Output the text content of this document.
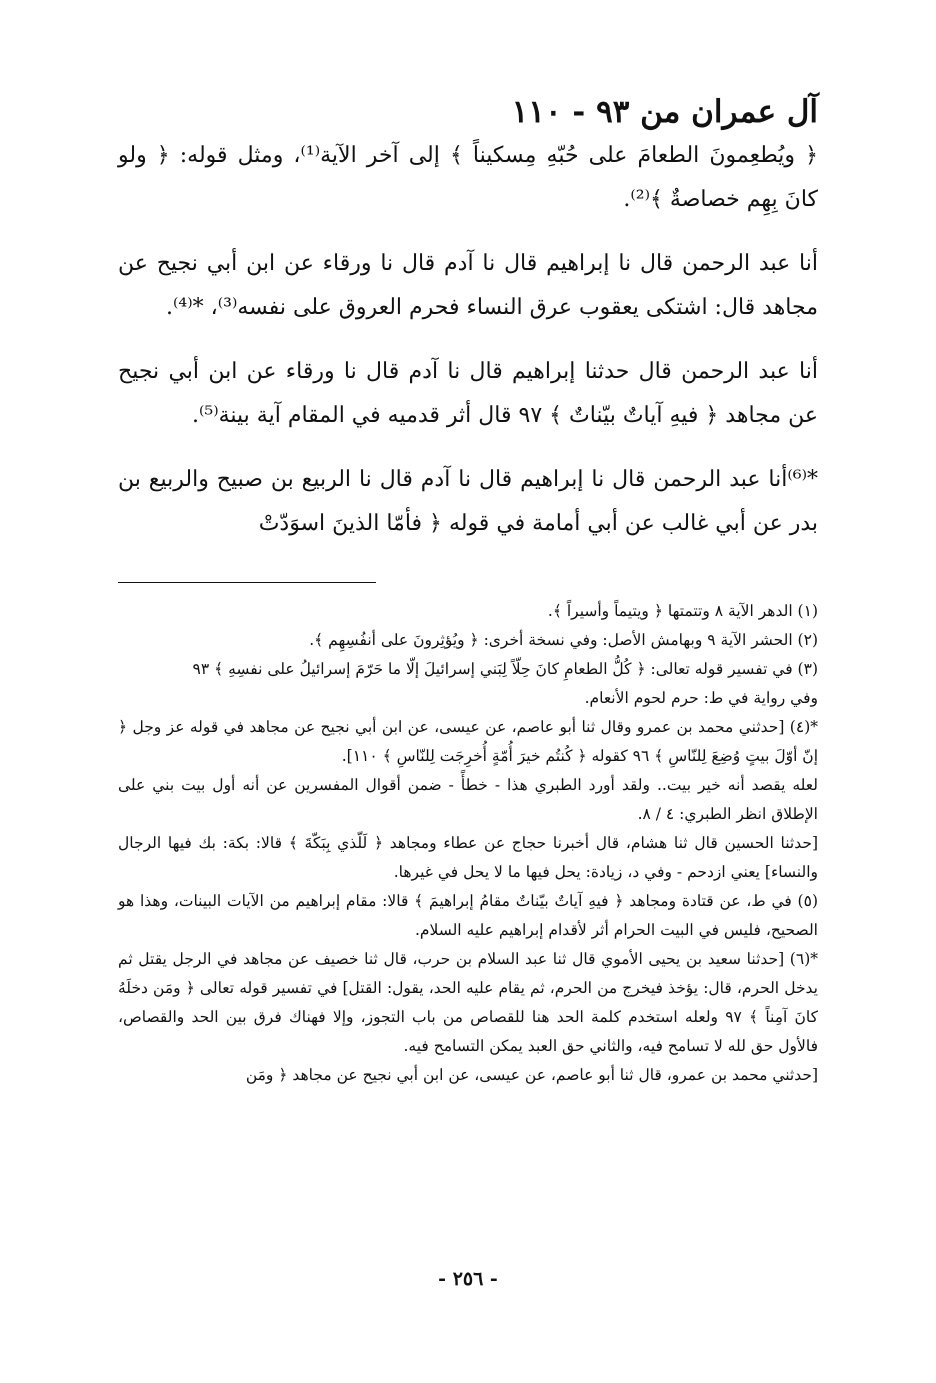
آل عمران من ٩٣ - ١١٠

﴿ ويُطعِمونَ الطعامَ على حُبّهِ مِسكيناً ﴾ إلى آخر الآية⁽¹⁾، ومثل قوله: ﴿ ولو كانَ بِهِم خصاصةٌ ﴾⁽²⁾.

أنا عبد الرحمن قال نا إبراهيم قال نا آدم قال نا ورقاء عن ابن أبي نجيح عن مجاهد قال: اشتكى يعقوب عرق النساء فحرم العروق على نفسه⁽³⁾، *⁽⁴⁾.

أنا عبد الرحمن قال حدثنا إبراهيم قال نا آدم قال نا ورقاء عن ابن أبي نجيح عن مجاهد ﴿ فيهِ آياتٌ بيّناتٌ ﴾ ٩٧ قال أثر قدميه في المقام آية بينة⁽⁵⁾.

*⁽⁶⁾أنا عبد الرحمن قال نا إبراهيم قال نا آدم قال نا الربيع بن صبيح والربيع بن بدر عن أبي غالب عن أبي أمامة في قوله ﴿ فأمّا الذينَ اسوَدّتْ

(١) الدهر الآية ٨ وتتمتها ﴿ ويتيماً وأسيراً ﴾.

(٢) الحشر الآية ٩ وبهامش الأصل: وفي نسخة أخرى: ﴿ ويُؤثِرونَ على أنفُسِهِم ﴾.

(٣) في تفسير قوله تعالى: ﴿ كُلُّ الطعامِ كانَ حِلّاً لِبَني إسرائيلَ إلّا ما حَرّمَ إسرائيلُ على نفسِهِ ﴾ ٩٣

وفي رواية في ط: حرم لحوم الأنعام.

*(٤) [حدثني محمد بن عمرو وقال ثنا أبو عاصم، عن عيسى، عن ابن أبي نجيح عن مجاهد في قوله عز وجل ﴿ إنّ أوّلَ بيتٍ وُضِعَ لِلنّاسِ ﴾ ٩٦ كقوله ﴿ كُنتُم خيرَ أُمّةٍ أُخرِجَت لِلنّاسِ ﴾ ١١٠].

لعله يقصد أنه خير بيت.. ولقد أورد الطبري هذا - خطأً - ضمن أقوال المفسرين عن أنه أول بيت بني على الإطلاق انظر الطبري: ٤ / ٨.

[حدثنا الحسين قال ثنا هشام، قال أخبرنا حجاج عن عطاء ومجاهد ﴿ لَلّذي بِبَكّةَ ﴾ قالا: بكة: بك فيها الرجال والنساء] يعني ازدحم - وفي د، زيادة: يحل فيها ما لا يحل في غيرها.

(٥) في ط، عن قتادة ومجاهد ﴿ فيهِ آياتٌ بيّناتٌ مقامُ إبراهيمَ ﴾ قالا: مقام إبراهيم من الآيات البينات، وهذا هو الصحيح، فليس في البيت الحرام أثر لأقدام إبراهيم عليه السلام.

*(٦) [حدثنا سعيد بن يحيى الأموي قال ثنا عبد السلام بن حرب، قال ثنا خصيف عن مجاهد في الرجل يقتل ثم يدخل الحرم، قال: يؤخذ فيخرج من الحرم، ثم يقام عليه الحد، يقول: القتل] في تفسير قوله تعالى ﴿ ومَن دخلَهُ كانَ آمِناً ﴾ ٩٧ ولعله استخدم كلمة الحد هنا للقصاص من باب التجوز، وإلا فهناك فرق بين الحد والقصاص، فالأول حق لله لا تسامح فيه، والثاني حق العبد يمكن التسامح فيه.

[حدثني محمد بن عمرو، قال ثنا أبو عاصم، عن عيسى، عن ابن أبي نجيح عن مجاهد ﴿ ومَن

- ٢٥٦ -
